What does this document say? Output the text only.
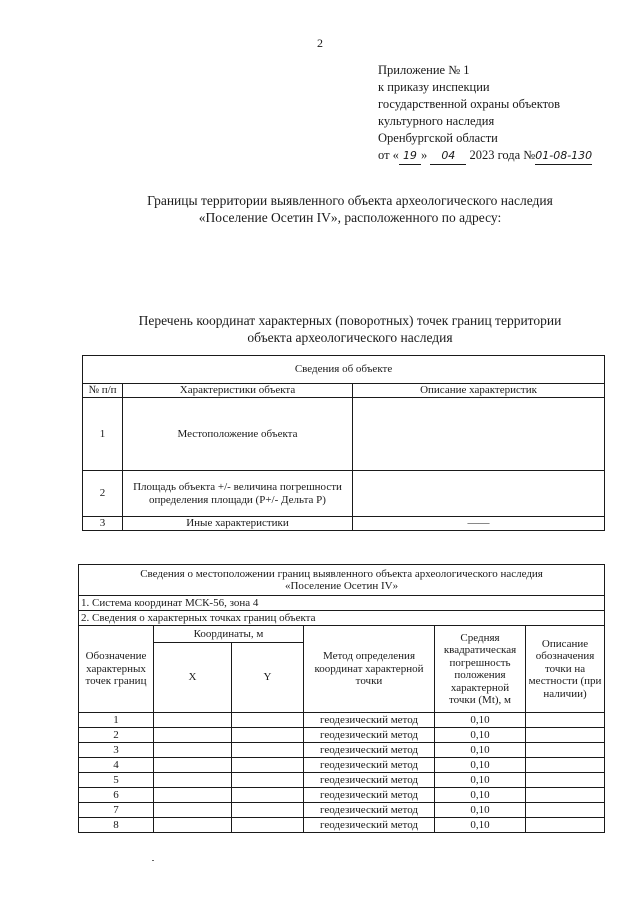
2
Приложение № 1
к приказу инспекции
государственной охраны объектов
культурного наследия
Оренбургской области
от « 19 » 04 2023 года №01-08-130
Границы территории выявленного объекта археологического наследия
«Поселение Осетин IV», расположенного по адресу:
Перечень координат характерных (поворотных) точек границ территории
объекта археологического наследия
Сведения об объекте		
№ п/п	Характеристики объекта	Описание характеристик
1	Местоположение объекта	
2	Площадь объекта +/- величина погрешности определения площади (Р+/- Дельта Р)	
3	Иные характеристики	——
Сведения о местоположении границ выявленного объекта археологического наследия
«Поселение Осетин IV»					

1. Система координат МСК-56, зона 4					
2. Сведения о характерных точках границ объекта					
Обозначение характерных точек границ	Координаты, м		Метод определения координат характерной точки	Средняя квадратическая погрешность положения характерной точки (Mt), м	Описание обозначения точки на местности (при наличии)
	X	Y			
1			геодезический метод	0,10	
2			геодезический метод	0,10	
3			геодезический метод	0,10	
4			геодезический метод	0,10	
5			геодезический метод	0,10	
6			геодезический метод	0,10	
7			геодезический метод	0,10	
8			геодезический метод	0,10	
